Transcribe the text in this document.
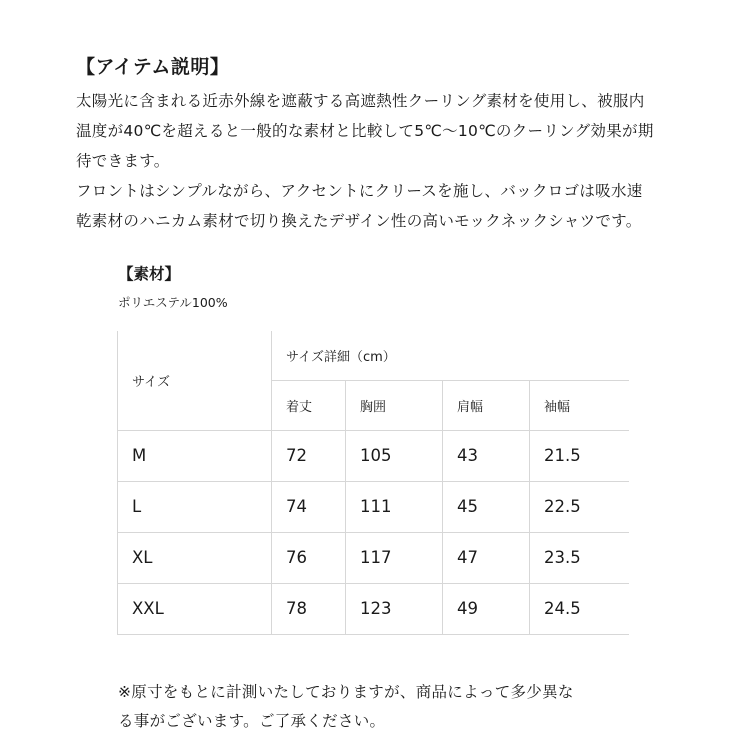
【アイテム説明】
太陽光に含まれる近赤外線を遮蔽する高遮熱性クーリング素材を使用し、被服内
温度が40℃を超えると一般的な素材と比較して5℃〜10℃のクーリング効果が期
待できます。
フロントはシンプルながら、アクセントにクリースを施し、バックロゴは吸水速
乾素材のハニカム素材で切り換えたデザイン性の高いモックネックシャツです。
【素材】
ポリエステル100%
サイズ	サイズ詳細（cm）			
	着丈	胸囲	肩幅	袖幅
M	72	105	43	21.5
L	74	111	45	22.5
XL	76	117	47	23.5
XXL	78	123	49	24.5
※原寸をもとに計測いたしておりますが、商品によって多少異な
る事がございます。ご了承ください。
